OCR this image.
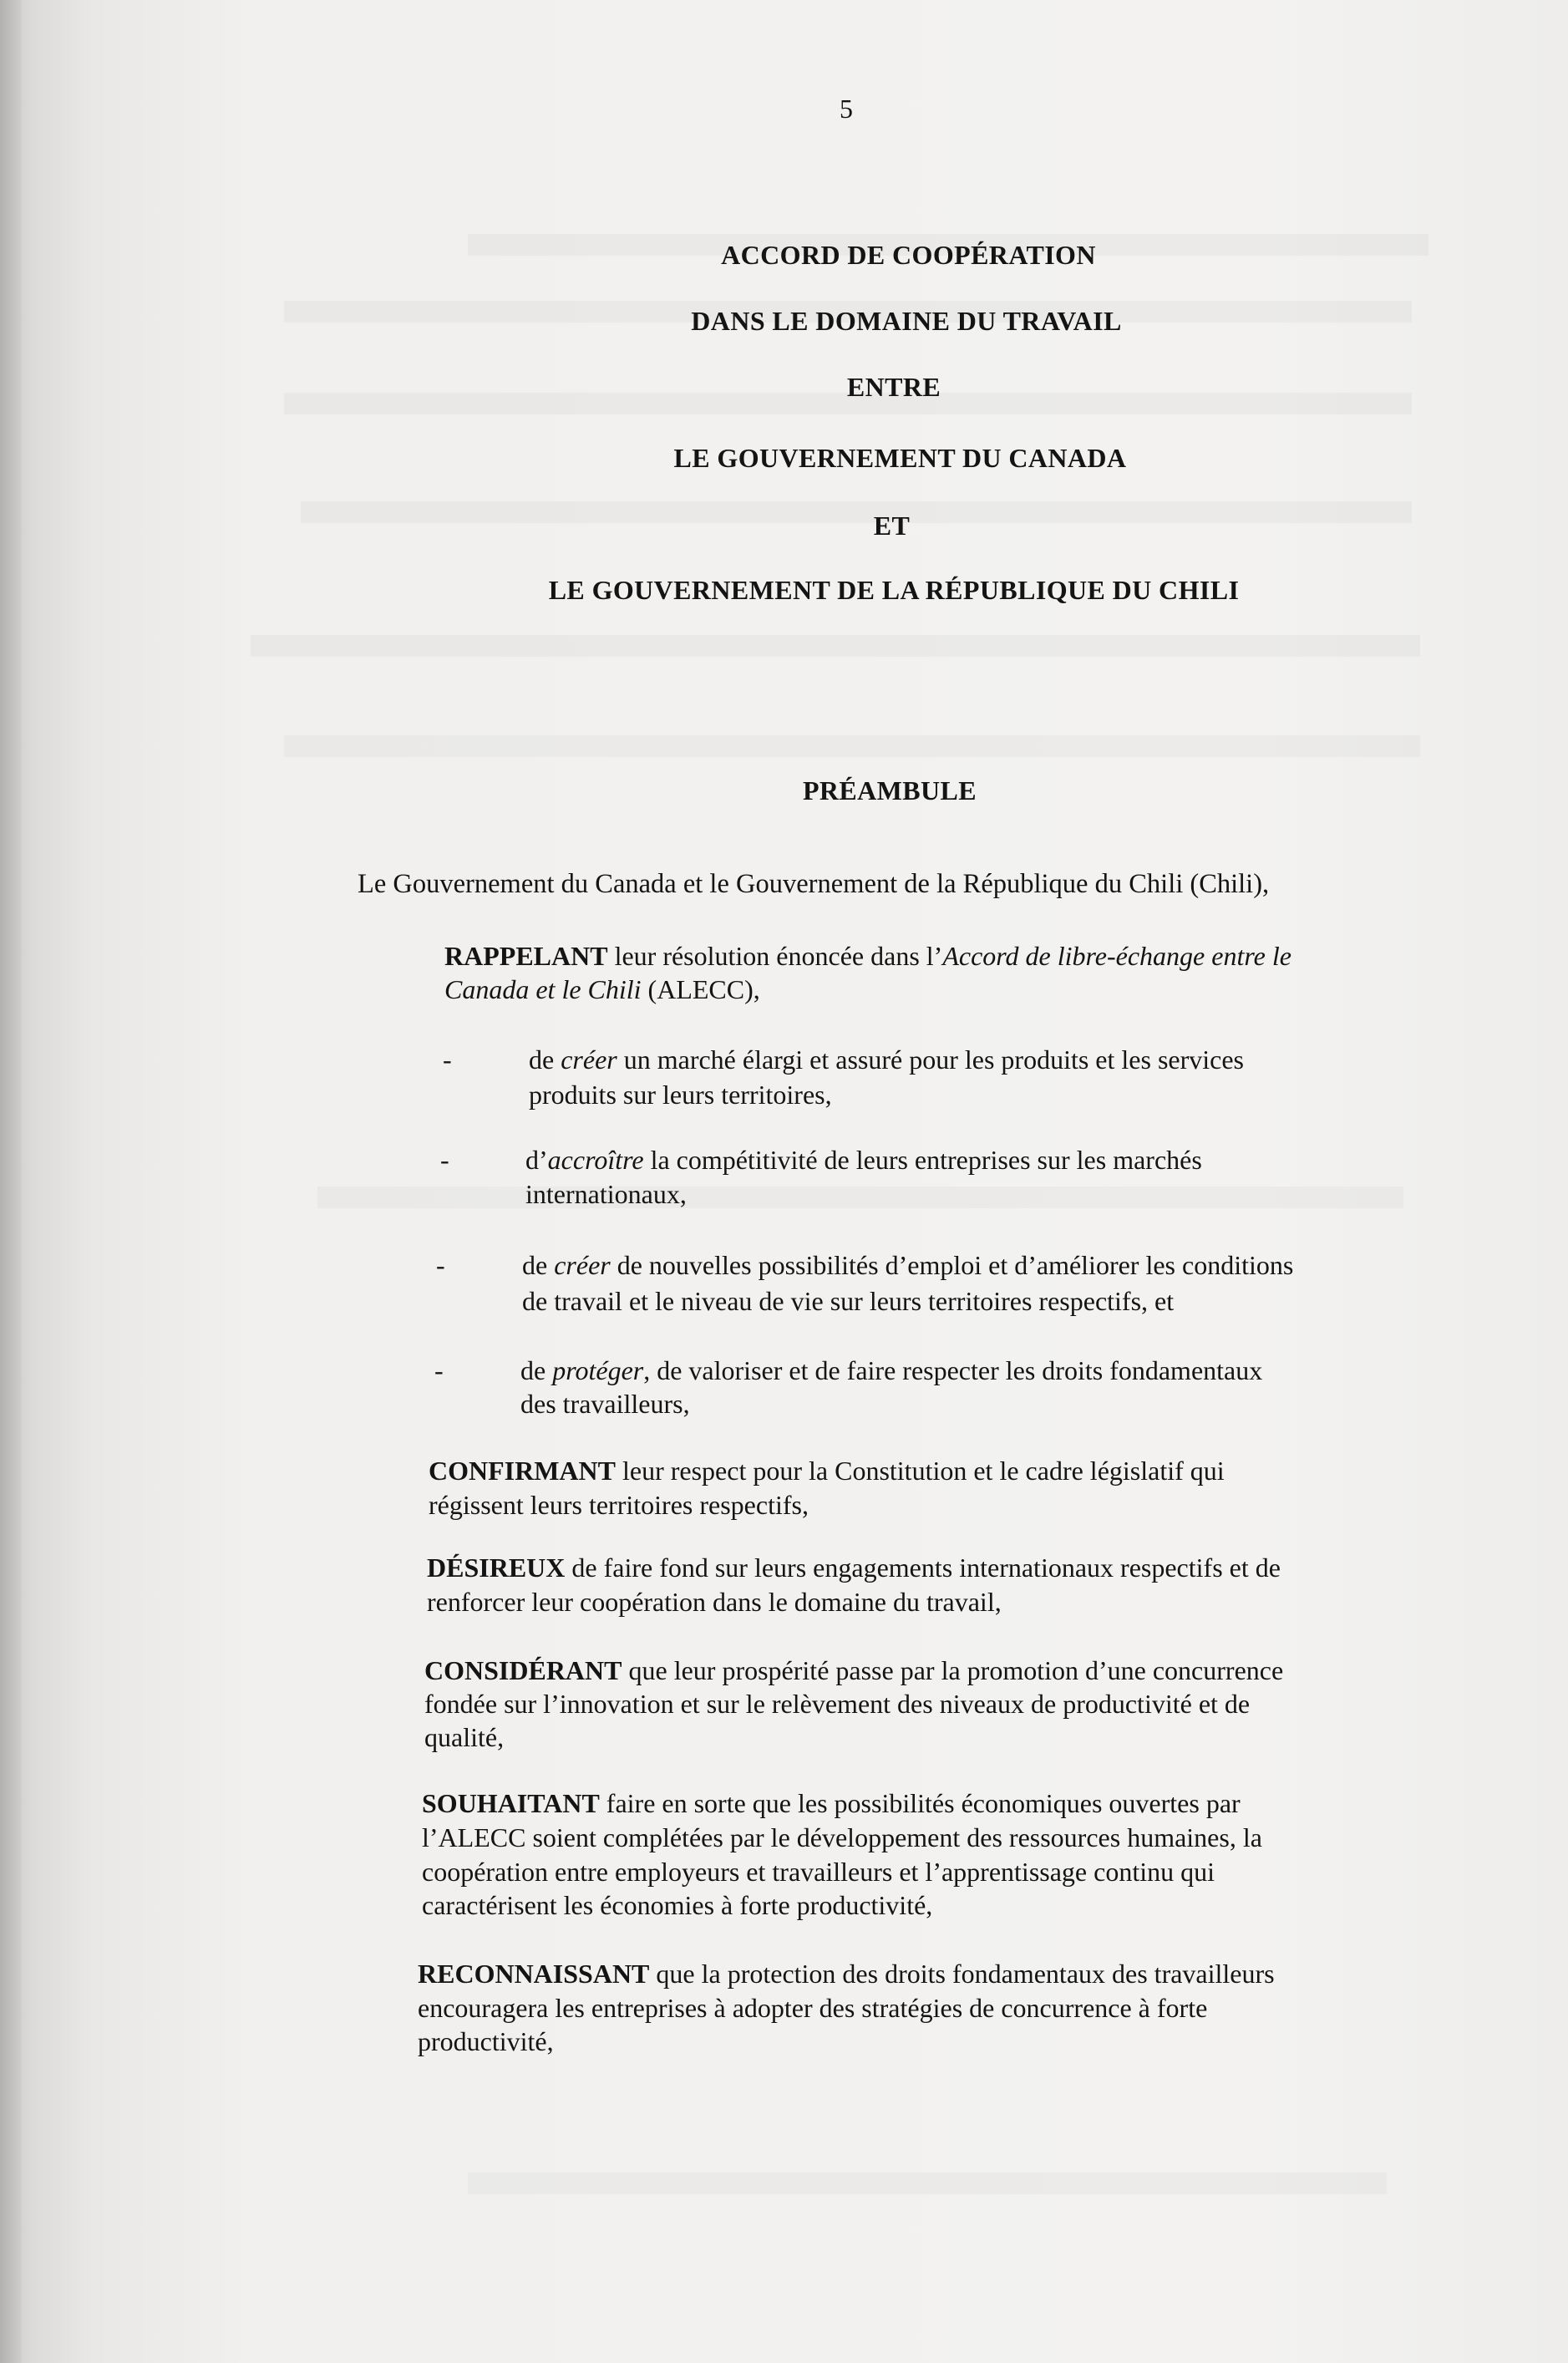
5
ACCORD DE COOPÉRATION
DANS LE DOMAINE DU TRAVAIL
ENTRE
LE GOUVERNEMENT DU CANADA
ET
LE GOUVERNEMENT DE LA RÉPUBLIQUE DU CHILI
PRÉAMBULE
Le Gouvernement du Canada et le Gouvernement de la République du Chili (Chili),
RAPPELANT leur résolution énoncée dans l’Accord de libre-échange entre le
Canada et le Chili (ALECC),
-	de créer un marché élargi et assuré pour les produits et les services
produits sur leurs territoires,
-	d’accroître la compétitivité de leurs entreprises sur les marchés
internationaux,
-	de créer de nouvelles possibilités d’emploi et d’améliorer les conditions
de travail et le niveau de vie sur leurs territoires respectifs, et
-	de protéger, de valoriser et de faire respecter les droits fondamentaux
des travailleurs,
CONFIRMANT leur respect pour la Constitution et le cadre législatif qui
régissent leurs territoires respectifs,
DÉSIREUX de faire fond sur leurs engagements internationaux respectifs et de
renforcer leur coopération dans le domaine du travail,
CONSIDÉRANT que leur prospérité passe par la promotion d’une concurrence
fondée sur l’innovation et sur le relèvement des niveaux de productivité et de
qualité,
SOUHAITANT faire en sorte que les possibilités économiques ouvertes par
l’ALECC soient complétées par le développement des ressources humaines, la
coopération entre employeurs et travailleurs et l’apprentissage continu qui
caractérisent les économies à forte productivité,
RECONNAISSANT que la protection des droits fondamentaux des travailleurs
encouragera les entreprises à adopter des stratégies de concurrence à forte
productivité,
